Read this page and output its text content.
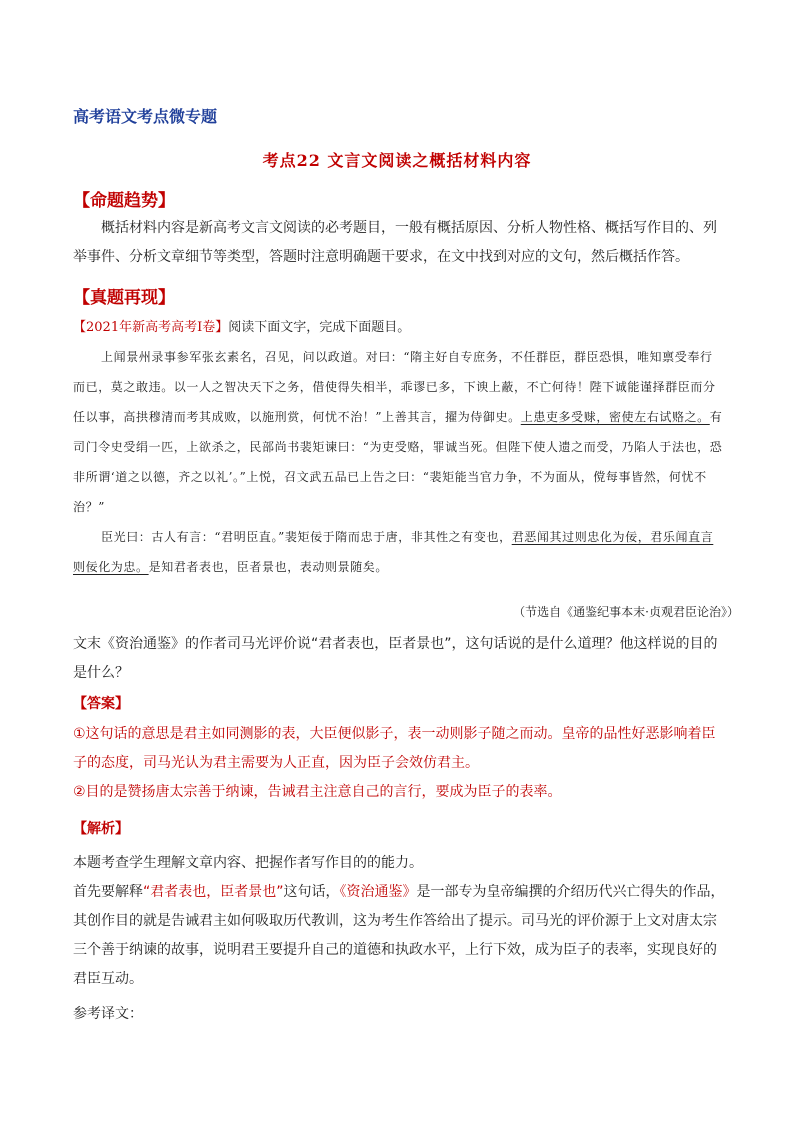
高考语文考点微专题
考点22 文言文阅读之概括材料内容
【命题趋势】
概括材料内容是新高考文言文阅读的必考题目，一般有概括原因、分析人物性格、概括写作目的、列举事件、分析文章细节等类型，答题时注意明确题干要求，在文中找到对应的文句，然后概括作答。
【真题再现】
【2021年新高考高考Ⅰ卷】阅读下面文字，完成下面题目。

上闻景州录事参军张玄素名，召见，问以政道。对曰：“隋主好自专庶务，不任群臣，群臣恐惧，唯知禀受奉行而已，莫之敢违。以一人之智决天下之务，借使得失相半，乖谬已多，下谀上蔽，不亡何待！陛下诚能谨择群臣而分任以事，高拱穆清而考其成败，以施刑赏，何忧不治！”上善其言，擢为侍御史。上患吏多受赇，密使左右试赂之。有司门令史受绢一匹，上欲杀之，民部尚书裴矩谏曰：“为吏受赂，罪诚当死。但陛下使人遗之而受，乃陷人于法也，恐非所谓‘道之以德，齐之以礼’。”上悦，召文武五品已上告之曰：“裴矩能当官力争，不为面从，傥每事皆然，何忧不治？”

臣光曰：古人有言：“君明臣直。”裴矩佞于隋而忠于唐，非其性之有变也，君恶闻其过则忠化为佞，君乐闻直言则佞化为忠。是知君者表也，臣者景也，表动则景随矣。

（节选自《通鉴纪事本末·贞观君臣论治》）
文末《资治通鉴》的作者司马光评价说“君者表也，臣者景也”，这句话说的是什么道理？他这样说的目的是什么？
【答案】

①这句话的意思是君主如同测影的表，大臣便似影子，表一动则影子随之而动。皇帝的品性好恶影响着臣子的态度，司马光认为君主需要为人正直，因为臣子会效仿君主。

②目的是赞扬唐太宗善于纳谏，告诫君主注意自己的言行，要成为臣子的表率。

【解析】

本题考查学生理解文章内容、把握作者写作目的的能力。

首先要解释“君者表也，臣者景也”这句话，《资治通鉴》是一部专为皇帝编撰的介绍历代兴亡得失的作品，其创作目的就是告诫君主如何吸取历代教训，这为考生作答给出了提示。司马光的评价源于上文对唐太宗三个善于纳谏的故事，说明君王要提升自己的道德和执政水平，上行下效，成为臣子的表率，实现良好的君臣互动。

参考译文：
